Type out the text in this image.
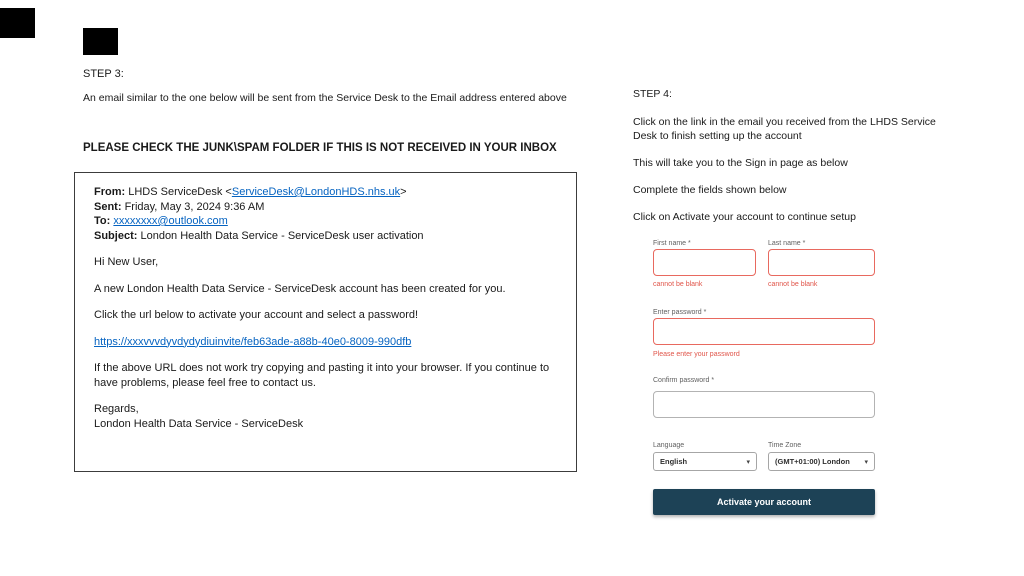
STEP 3:
An email similar to the one below will be sent from the Service Desk to the Email address entered above
PLEASE CHECK THE JUNK\SPAM FOLDER IF THIS IS NOT RECEIVED IN YOUR INBOX

From: LHDS ServiceDesk <ServiceDesk@LondonHDS.nhs.uk>

Sent: Friday, May 3, 2024 9:36 AM

To: xxxxxxxx@outlook.com

Subject: London Health Data Service - ServiceDesk user activation

Hi New User,

A new London Health Data Service - ServiceDesk account has been created for you.

Click the url below to activate your account and select a password!

https://xxxvvvdyvdydydiuinvite/feb63ade-a88b-40e0-8009-990dfb

If the above URL does not work try copying and pasting it into your browser. If you continue to have problems, please feel free to contact us.

Regards,

London Health Data Service - ServiceDesk

STEP 4:
Click on the link in the email you received from the LHDS Service Desk to finish setting up the account
This will take you to the Sign in page as below
Complete the fields shown below
Click on Activate your account to continue setup
First name *	Last name *
cannot be blank	cannot be blank
Enter password *
Please enter your password
Confirm password *
Language
English	▾
Time Zone
(GMT+01:00) London ▾
Activate your account
